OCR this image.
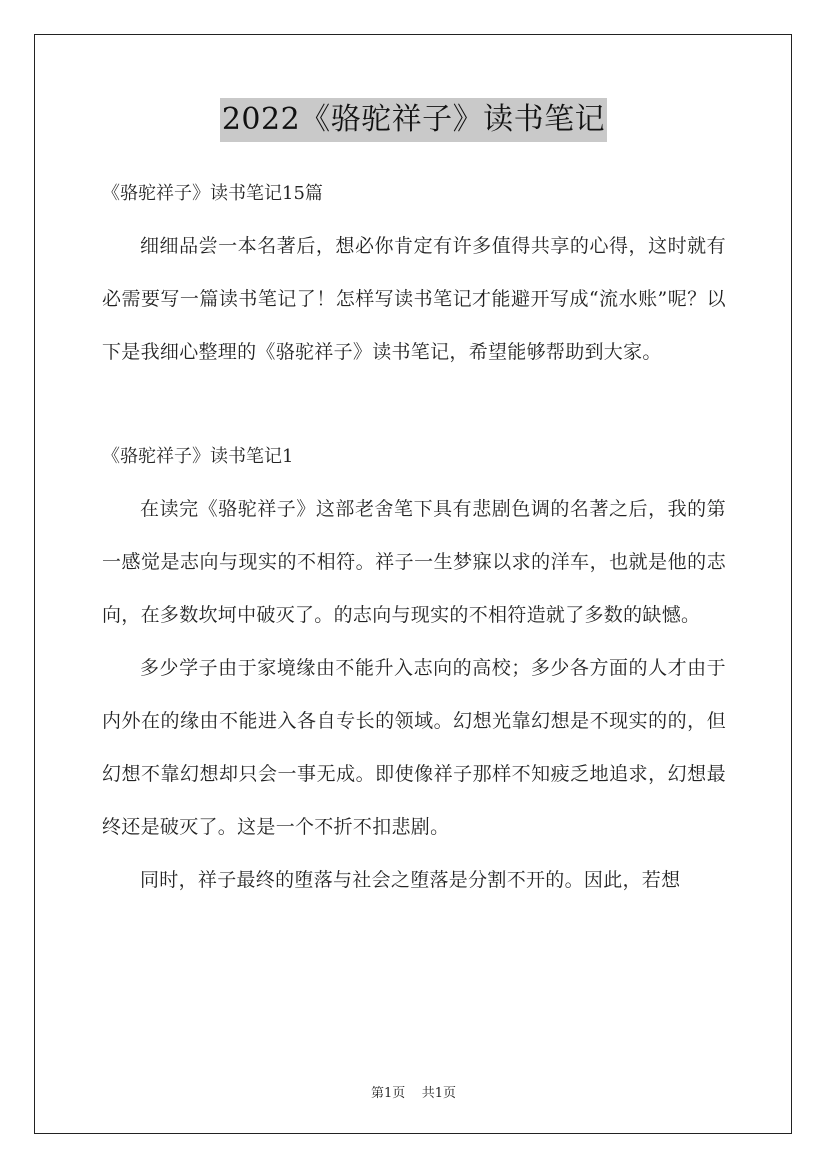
2022《骆驼祥子》读书笔记

《骆驼祥子》读书笔记15篇

细细品尝一本名著后，想必你肯定有许多值得共享的心得，这时就有必需要写一篇读书笔记了！怎样写读书笔记才能避开写成“流水账”呢？以下是我细心整理的《骆驼祥子》读书笔记，希望能够帮助到大家。

《骆驼祥子》读书笔记1

在读完《骆驼祥子》这部老舍笔下具有悲剧色调的名著之后，我的第一感觉是志向与现实的不相符。祥子一生梦寐以求的洋车，也就是他的志向，在多数坎坷中破灭了。的志向与现实的不相符造就了多数的缺憾。

多少学子由于家境缘由不能升入志向的高校；多少各方面的人才由于内外在的缘由不能进入各自专长的领域。幻想光靠幻想是不现实的的，但幻想不靠幻想却只会一事无成。即使像祥子那样不知疲乏地追求，幻想最终还是破灭了。这是一个不折不扣悲剧。

同时，祥子最终的堕落与社会之堕落是分割不开的。因此，若想

第1页 共1页
